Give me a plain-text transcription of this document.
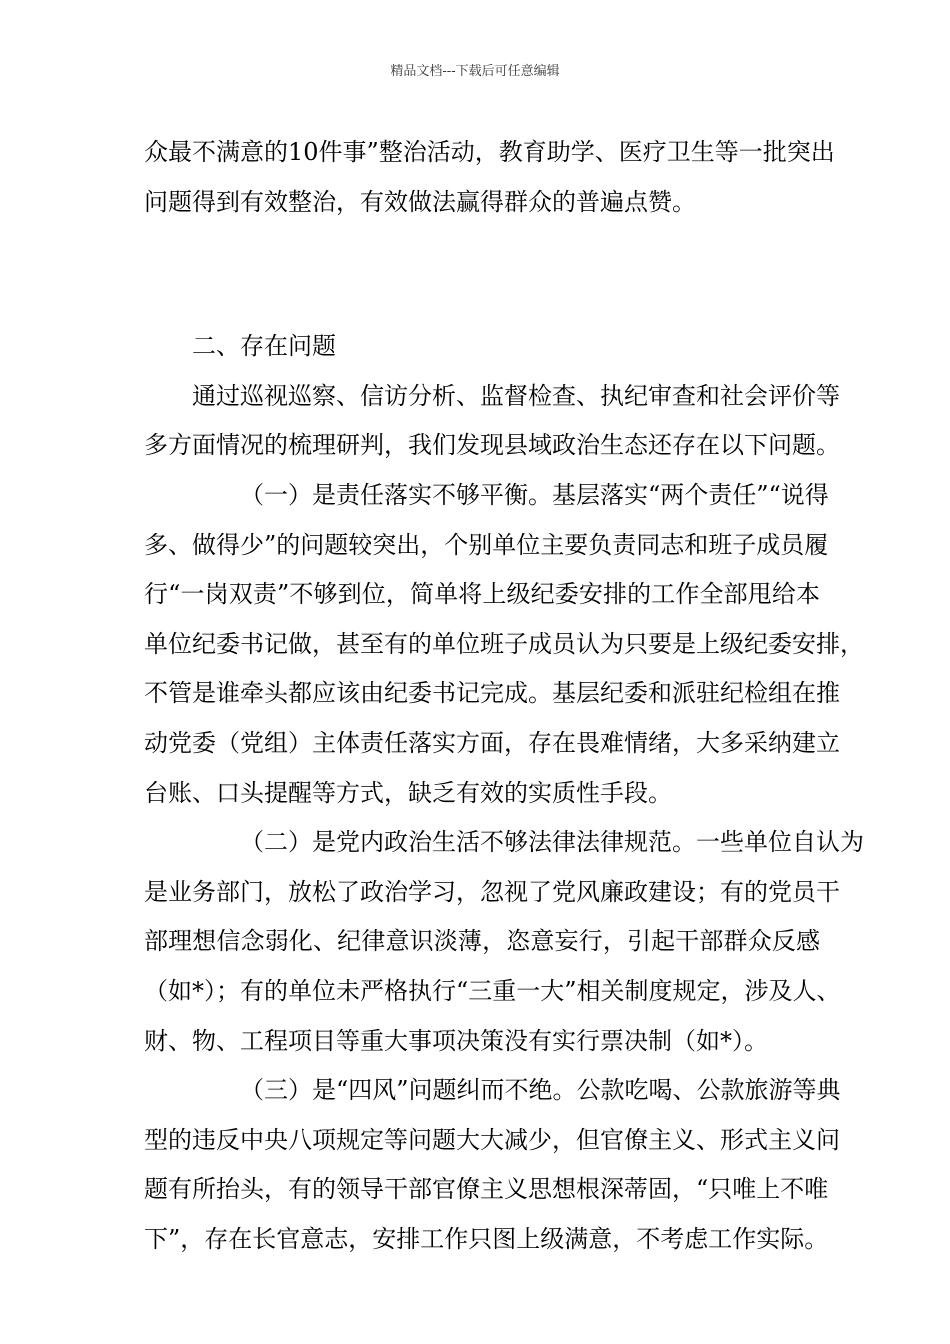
精品文档---下载后可任意编辑
众最不满意的10件事”整治活动，教育助学、医疗卫生等一批突出
问题得到有效整治，有效做法赢得群众的普遍点赞。
二、存在问题
通过巡视巡察、信访分析、监督检查、执纪审查和社会评价等
多方面情况的梳理研判，我们发现县域政治生态还存在以下问题。
（一）是责任落实不够平衡。基层落实“两个责任”“说得
多、做得少”的问题较突出，个别单位主要负责同志和班子成员履
行“一岗双责”不够到位，简单将上级纪委安排的工作全部甩给本
单位纪委书记做，甚至有的单位班子成员认为只要是上级纪委安排，
不管是谁牵头都应该由纪委书记完成。基层纪委和派驻纪检组在推
动党委（党组）主体责任落实方面，存在畏难情绪，大多采纳建立
台账、口头提醒等方式，缺乏有效的实质性手段。
（二）是党内政治生活不够法律法律规范。一些单位自认为
是业务部门，放松了政治学习，忽视了党风廉政建设；有的党员干
部理想信念弱化、纪律意识淡薄，恣意妄行，引起干部群众反感
（如*）；有的单位未严格执行“三重一大”相关制度规定，涉及人、
财、物、工程项目等重大事项决策没有实行票决制（如*）。
（三）是“四风”问题纠而不绝。公款吃喝、公款旅游等典
型的违反中央八项规定等问题大大减少，但官僚主义、形式主义问
题有所抬头，有的领导干部官僚主义思想根深蒂固，“只唯上不唯
下”，存在长官意志，安排工作只图上级满意，不考虑工作实际。
